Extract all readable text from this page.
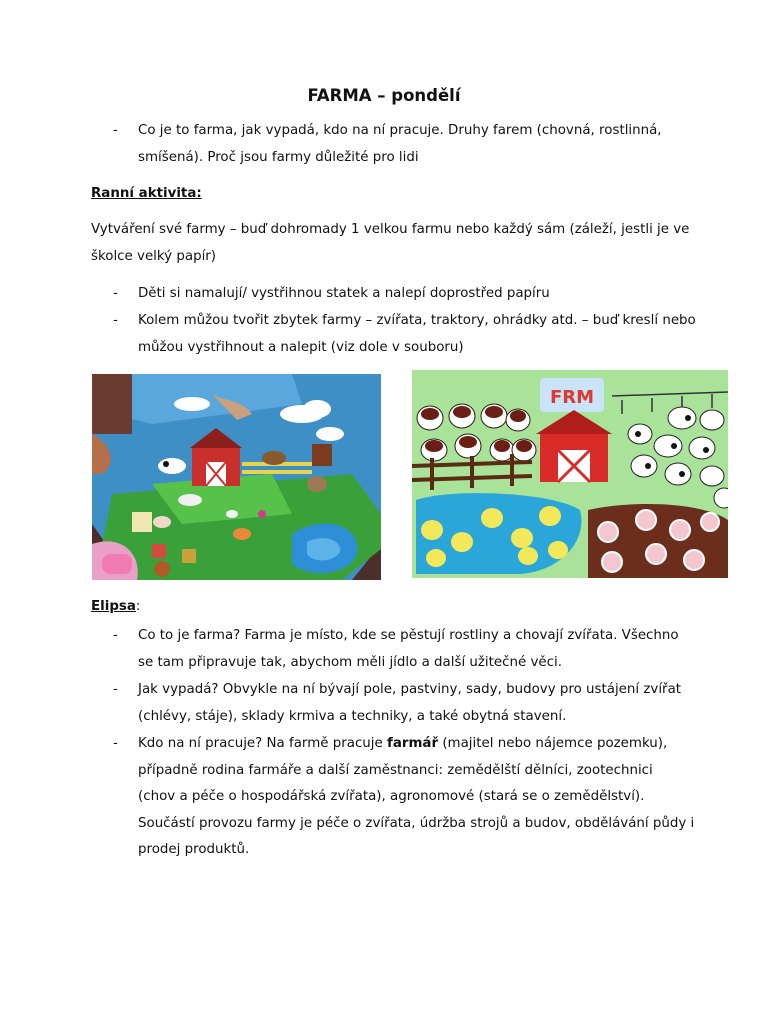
FARMA – pondělí
- Co je to farma, jak vypadá, kdo na ní pracuje. Druhy farem (chovná, rostlinná,

smíšená). Proč jsou farmy důležité pro lidi

Ranní aktivita:

Vytváření své farmy – buď dohromady 1 velkou farmu nebo každý sám (záleží, jestli je ve

školce velký papír)

- Děti si namalují/ vystřihnou statek a nalepí doprostřed papíru

- Kolem můžou tvořit zbytek farmy – zvířata, traktory, ohrádky atd. – buď kreslí nebo

můžou vystřihnout a nalepit (viz dole v souboru)

FRM

Elipsa:

- Co to je farma? Farma je místo, kde se pěstují rostliny a chovají zvířata. Všechno

se tam připravuje tak, abychom měli jídlo a další užitečné věci.

- Jak vypadá? Obvykle na ní bývají pole, pastviny, sady, budovy pro ustájení zvířat

(chlévy, stáje), sklady krmiva a techniky, a také obytná stavení.

- Kdo na ní pracuje? Na farmě pracuje farmář (majitel nebo nájemce pozemku),

případně rodina farmáře a další zaměstnanci: zemědělští dělníci, zootechnici

(chov a péče o hospodářská zvířata), agronomové (stará se o zemědělství).

Součástí provozu farmy je péče o zvířata, údržba strojů a budov, obdělávání půdy i

prodej produktů.
